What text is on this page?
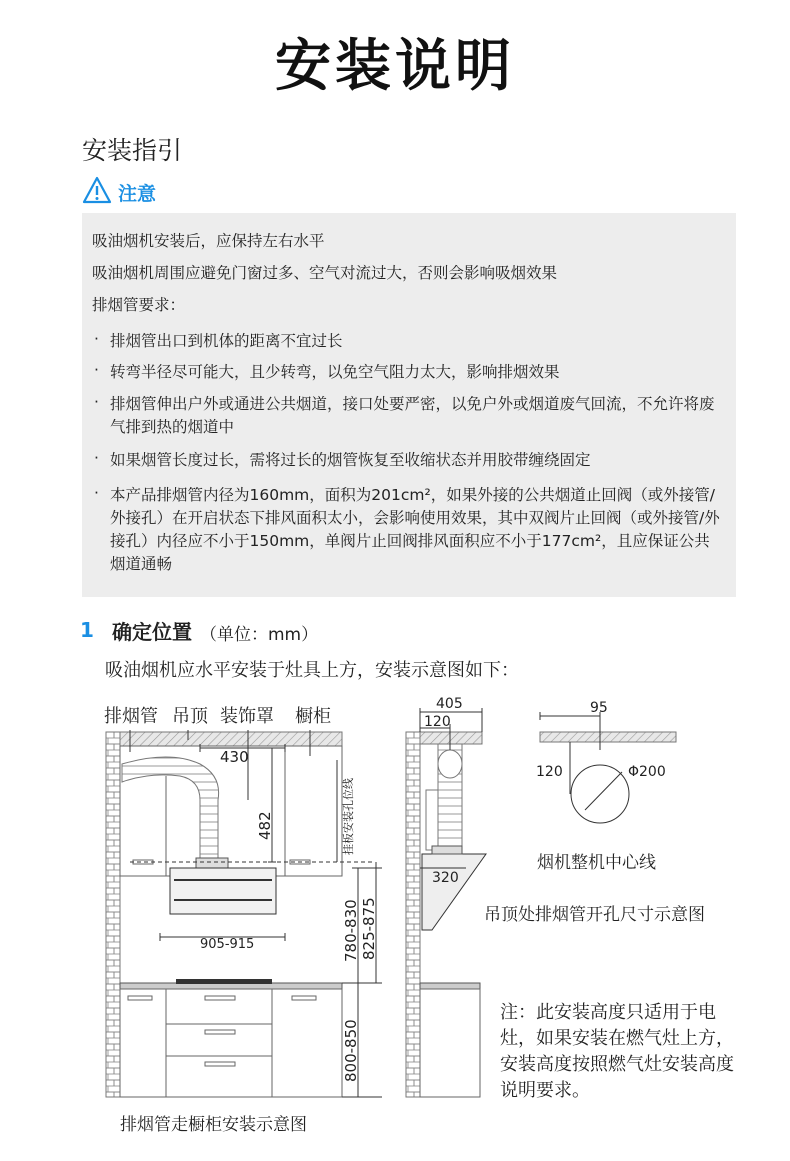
安装说明
安装指引
注意
吸油烟机安装后，应保持左右水平
吸油烟机周围应避免门窗过多、空气对流过大，否则会影响吸烟效果
排烟管要求：
· 排烟管出口到机体的距离不宜过长
· 转弯半径尽可能大，且少转弯，以免空气阻力太大，影响排烟效果
· 排烟管伸出户外或通进公共烟道，接口处要严密，以免户外或烟道废气回流，不允许将废气排到热的烟道中
· 如果烟管长度过长，需将过长的烟管恢复至收缩状态并用胶带缠绕固定
· 本产品排烟管内径为160mm，面积为201cm²，如果外接的公共烟道止回阀（或外接管/外接孔）在开启状态下排风面积太小，会影响使用效果，其中双阀片止回阀（或外接管/外接孔）内径应不小于150mm，单阀片止回阀排风面积应不小于177cm²，且应保证公共烟道通畅
1 确定位置 （单位：mm）
吸油烟机应水平安装于灶具上方，安装示意图如下：
排烟管 吊顶 装饰罩 橱柜
430
482	挂板安装孔位线
905-915	780-830 825-875
800-850
405
120
320
95
120	Φ200
烟机整机中心线
吊顶处排烟管开孔尺寸示意图
排烟管走橱柜安装示意图
注：此安装高度只适用于电灶，如果安装在燃气灶上方，安装高度按照燃气灶安装高度说明要求。
